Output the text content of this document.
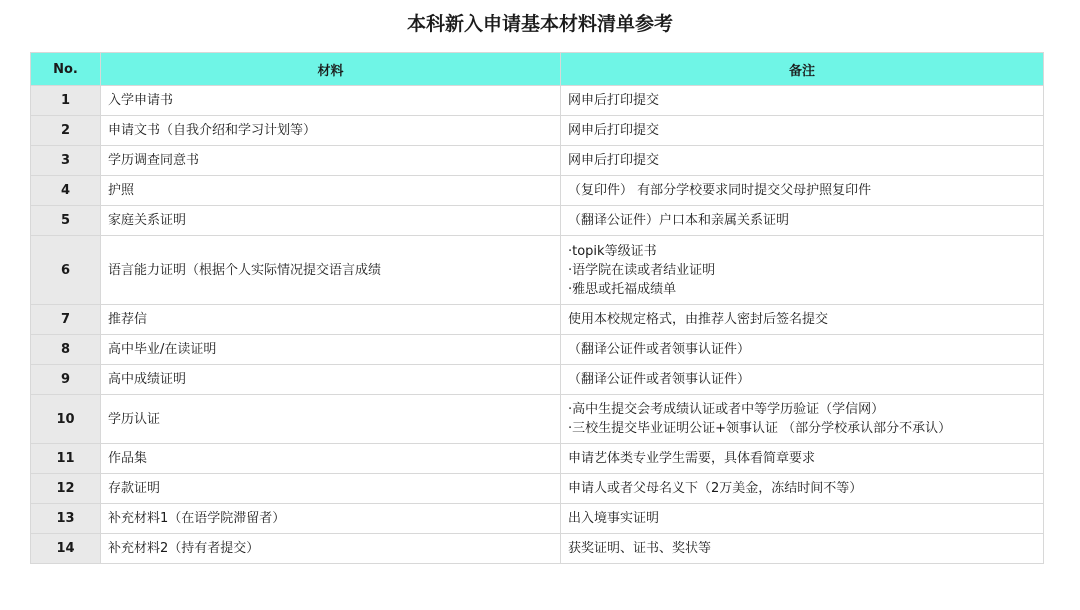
本科新入申请基本材料清单参考
No.	材料	备注
1	入学申请书	网申后打印提交

2	申请文书（自我介绍和学习计划等）	网申后打印提交

3	学历调查同意书	网申后打印提交

4	护照	（复印件） 有部分学校要求同时提交父母护照复印件

5	家庭关系证明	（翻译公证件）户口本和亲属关系证明

6	语言能力证明（根据个人实际情况提交语言成绩	·topik等级证书
·语学院在读或者结业证明
·雅思或托福成绩单

7	推荐信	使用本校规定格式，由推荐人密封后签名提交

8	高中毕业/在读证明	（翻译公证件或者领事认证件）

9	高中成绩证明	（翻译公证件或者领事认证件）

10	学历认证	·高中生提交会考成绩认证或者中等学历验证（学信网）
·三校生提交毕业证明公证+领事认证 （部分学校承认部分不承认）

11	作品集	申请艺体类专业学生需要，具体看简章要求

12	存款证明	申请人或者父母名义下（2万美金，冻结时间不等）

13	补充材料1（在语学院滞留者）	出入境事实证明

14	补充材料2（持有者提交）	获奖证明、证书、奖状等
